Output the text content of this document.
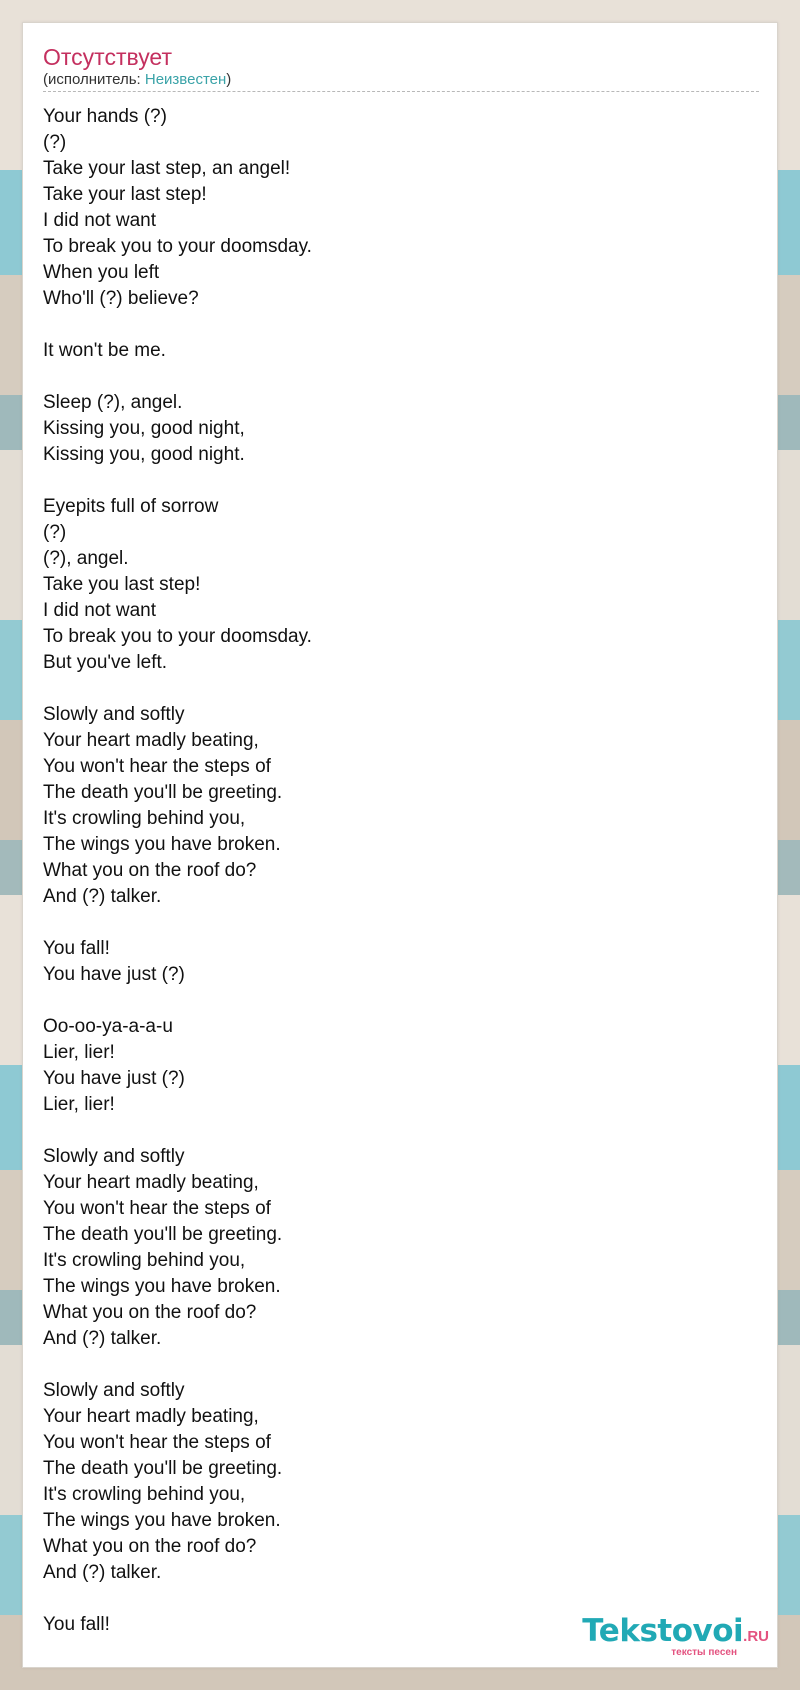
Отсутствует
(исполнитель: Неизвестен)
Your hands (?)
(?)
Take your last step, an angel!
Take your last step!
I did not want
To break you to your doomsday.
When you left
Who'll (?) believe?
It won't be me.
Sleep (?), angel.
Kissing you, good night,
Kissing you, good night.
Eyepits full of sorrow
(?)
(?), angel.
Take you last step!
I did not want
To break you to your doomsday.
But you've left.
Slowly and softly
Your heart madly beating,
You won't hear the steps of
The death you'll be greeting.
It's crowling behind you,
The wings you have broken.
What you on the roof do?
And (?) talker.
You fall!
You have just (?)
Oo-oo-ya-a-a-u
Lier, lier!
You have just (?)
Lier, lier!
Slowly and softly
Your heart madly beating,
You won't hear the steps of
The death you'll be greeting.
It's crowling behind you,
The wings you have broken.
What you on the roof do?
And (?) talker.
Slowly and softly
Your heart madly beating,
You won't hear the steps of
The death you'll be greeting.
It's crowling behind you,
The wings you have broken.
What you on the roof do?
And (?) talker.
You fall!	Tekstovoi.RU
тексты песен
